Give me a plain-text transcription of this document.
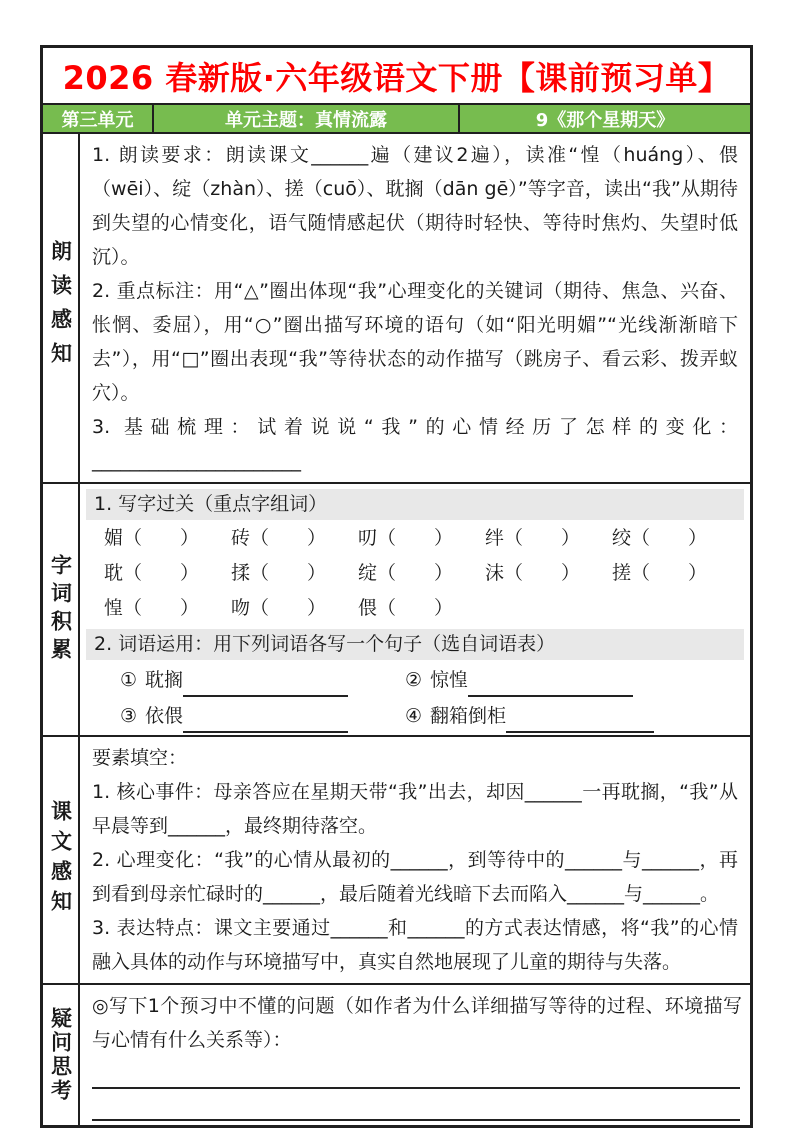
2026 春新版·六年级语文下册【课前预习单】
第三单元	单元主题：真情流露	9《那个星期天》
朗读感知
1. 朗读要求：朗读课文______遍（建议2遍），读准“惶（huáng）、偎（wēi）、绽（zhàn）、搓（cuō）、耽搁（dān gē）”等字音，读出“我”从期待到失望的心情变化，语气随情感起伏（期待时轻快、等待时焦灼、失望时低沉）。
2. 重点标注：用“△”圈出体现“我”心理变化的关键词（期待、焦急、兴奋、怅惘、委屈），用“○”圈出描写环境的语句（如“阳光明媚”“光线渐渐暗下去”），用“□”圈出表现“我”等待状态的动作描写（跳房子、看云彩、拨弄蚁穴）。
3. 基础梳理：试着说说“我”的心情经历了怎样的变化：______________________
字词积累
1. 写字过关（重点字组词）
媚（　　）	砖（　　）	叨（　　）	绊（　　）	绞（　　）
耽（　　）	揉（　　）	绽（　　）	沫（　　）	搓（　　）
惶（　　）	吻（　　）	偎（　　）
2. 词语运用：用下列词语各写一个句子（选自词语表）
① 耽搁	② 惊惶
③ 依偎	④ 翻箱倒柜
课文感知
要素填空：
1. 核心事件：母亲答应在星期天带“我”出去，却因______一再耽搁，“我”从早晨等到______，最终期待落空。
2. 心理变化：“我”的心情从最初的______，到等待中的______与______，再到看到母亲忙碌时的______，最后随着光线暗下去而陷入______与______。
3. 表达特点：课文主要通过______和______的方式表达情感，将“我”的心情融入具体的动作与环境描写中，真实自然地展现了儿童的期待与失落。
疑问思考
◎写下1个预习中不懂的问题（如作者为什么详细描写等待的过程、环境描写与心情有什么关系等）：
